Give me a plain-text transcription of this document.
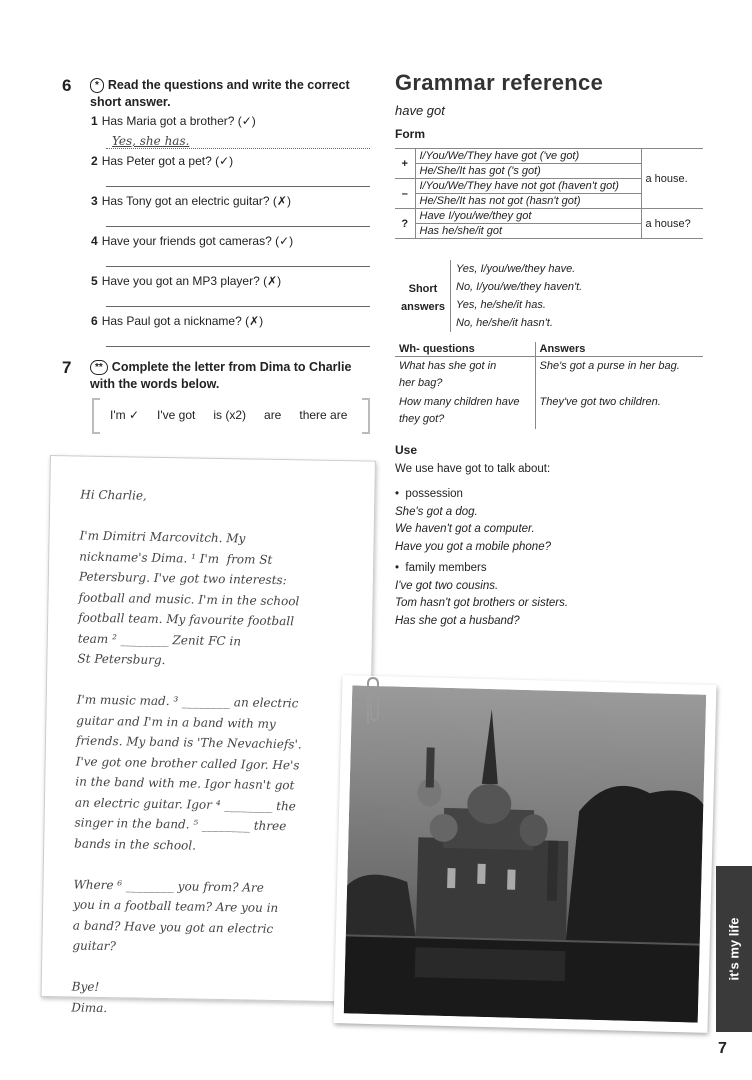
6	* Read the questions and write the correct
short answer.
1 Has Maria got a brother? (✓)
Yes, she has.
2 Has Peter got a pet? (✓)
3 Has Tony got an electric guitar? (✗)
4 Have your friends got cameras? (✓)
5 Have you got an MP3 player? (✗)
6 Has Paul got a nickname? (✗)
7	** Complete the letter from Dima to Charlie
with the words below.
I'm ✓ I've got is (x2) are there are
Hi Charlie,

I'm Dimitri Marcovitch. My
nickname's Dima. ¹ I'm  from St
Petersburg. I've got two interests:
football and music. I'm in the school
football team. My favourite football
team ² ________ Zenit FC in
St Petersburg.

I'm music mad. ³ ________ an electric
guitar and I'm in a band with my
friends. My band is 'The Nevachiefs'.
I've got one brother called Igor. He's
in the band with me. Igor hasn't got
an electric guitar. Igor ⁴ ________ the
singer in the band. ⁵ ________ three
bands in the school.

Where ⁶ ________ you from? Are
you in a football team? Are you in
a band? Have you got an electric
guitar?

Bye!
Dima.
Grammar reference
have got
Form
+	I/You/We/They have got ('ve got)	a house.
	He/She/It has got ('s got)	
–	I/You/We/They have not got (haven't got)	
	He/She/It has not got (hasn't got)	
?	Have I/you/we/they got	a house?
	Has he/she/it got	
Short
answers
Yes, I/you/we/they have.
No, I/you/we/they haven't.
Yes, he/she/it has.
No, he/she/it hasn't.
Wh- questions	Answers

What has she got in
her bag?	She's got a purse in her bag.

How many children have
they got?	They've got two children.
Use
We use have got to talk about:
•  possession
She's got a dog.
We haven't got a computer.
Have you got a mobile phone?
•  family members
I've got two cousins.
Tom hasn't got brothers or sisters.
Has she got a husband?
it's my life
7
